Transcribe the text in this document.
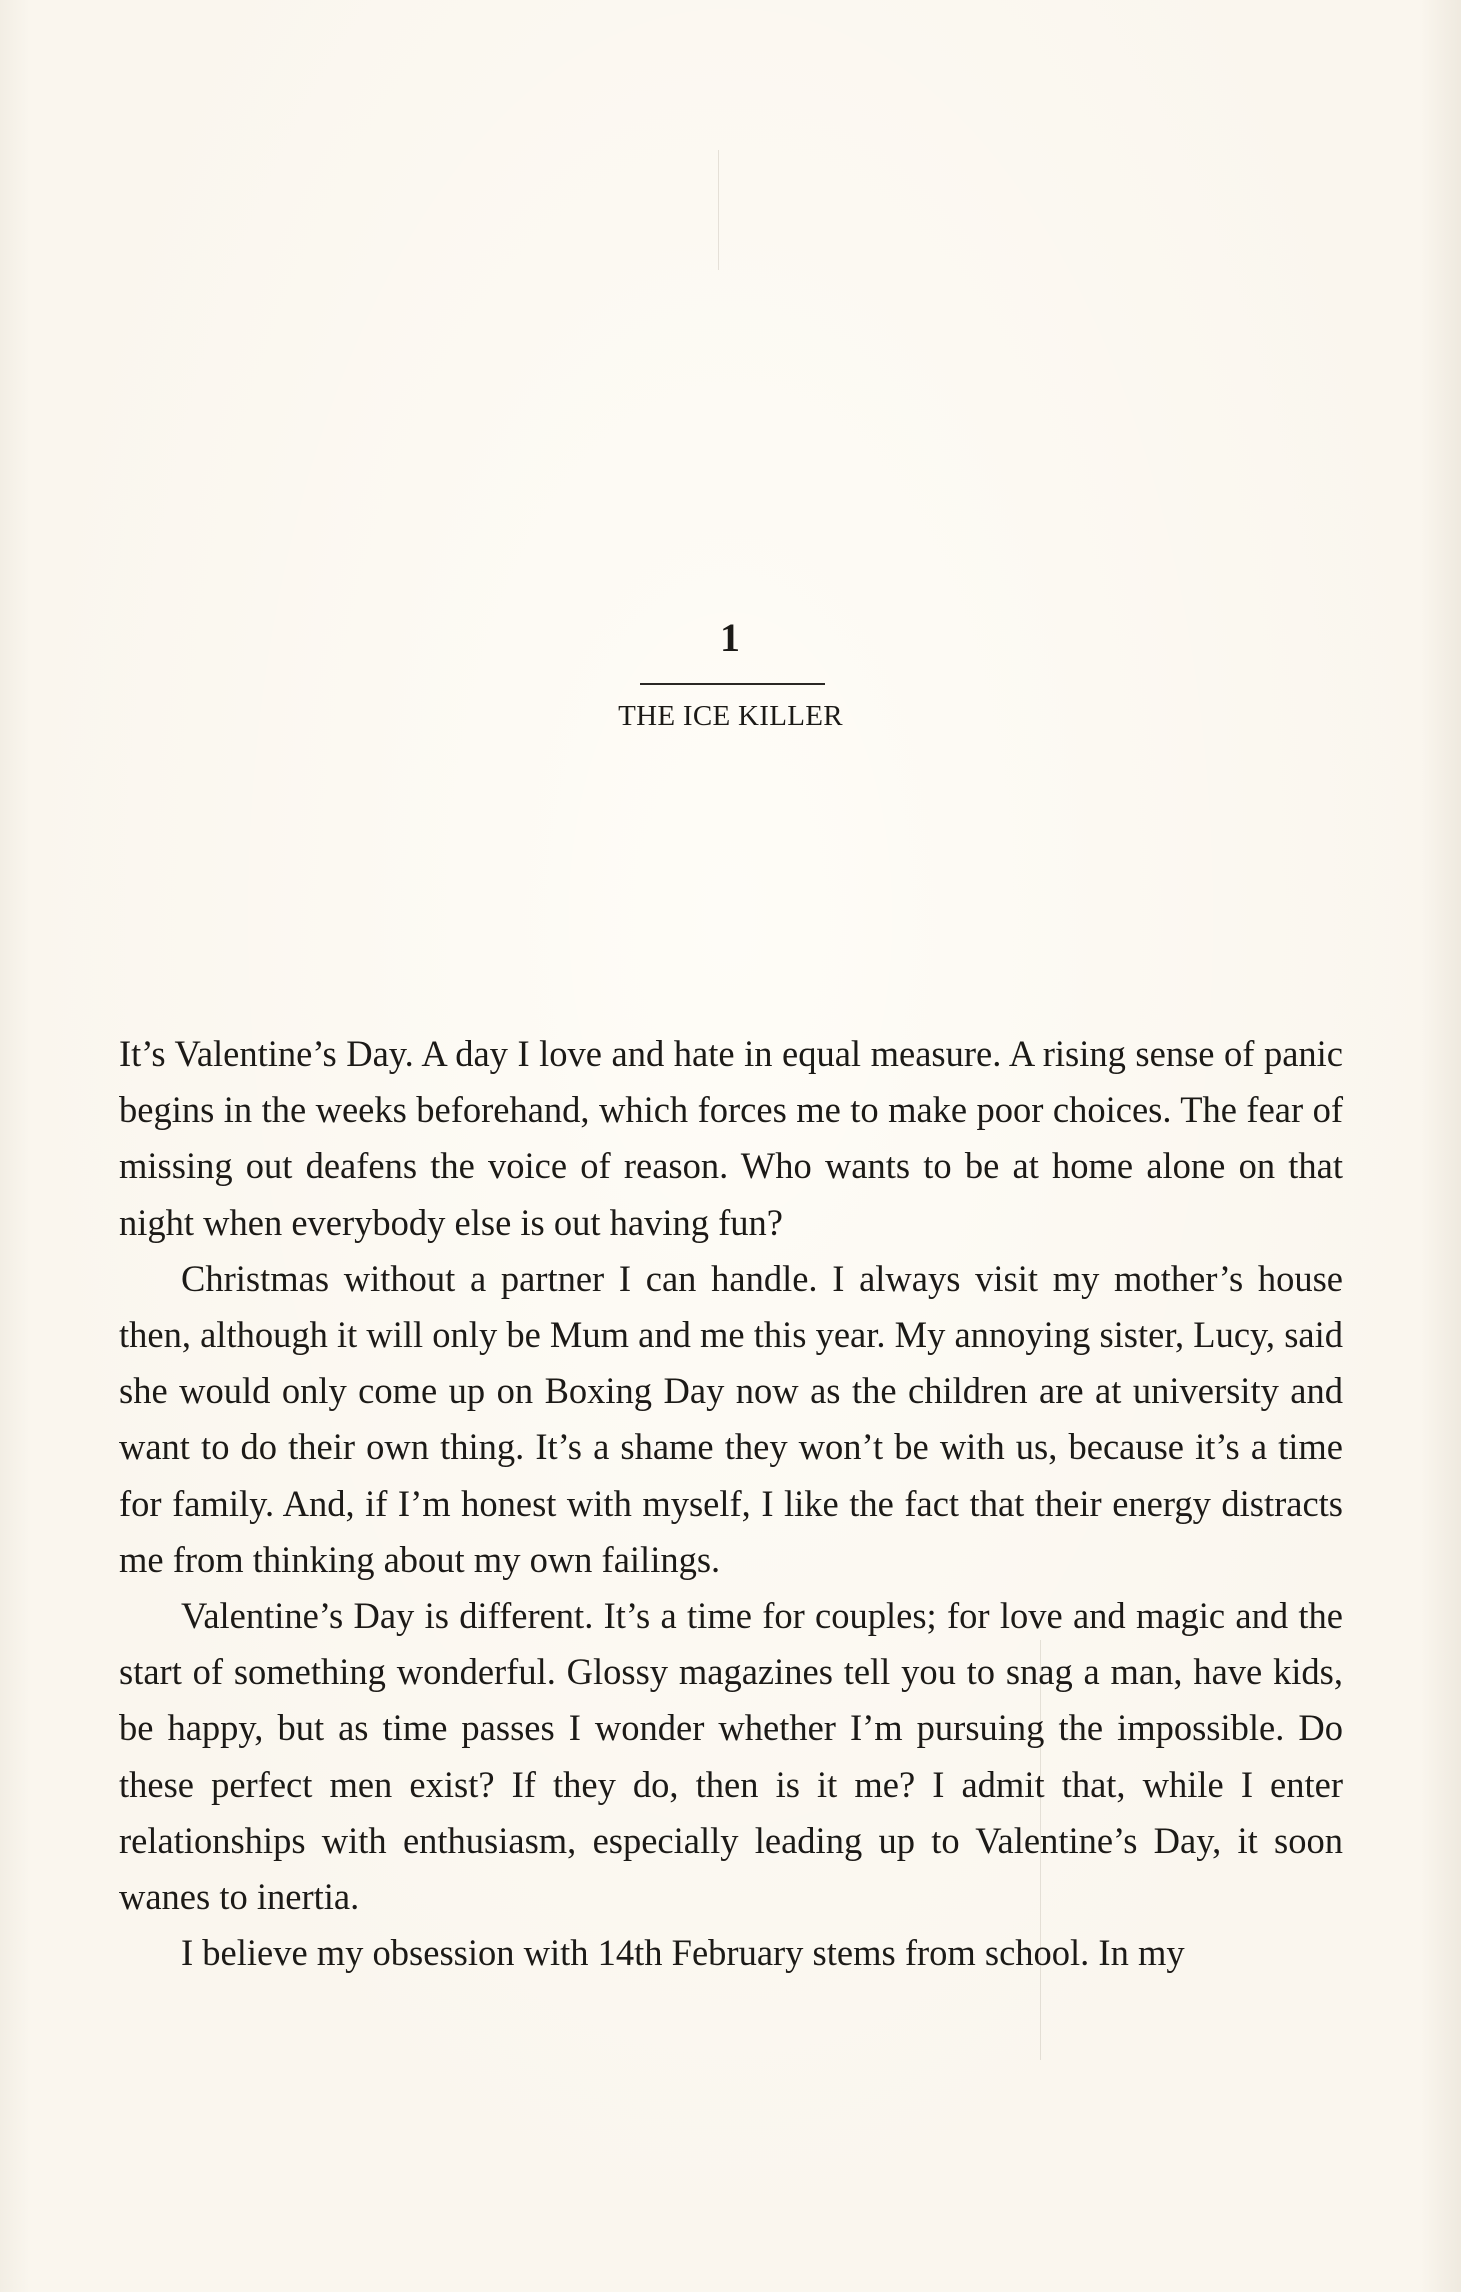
1
THE ICE KILLER

It’s Valentine’s Day. A day I love and hate in equal measure. A rising sense of panic begins in the weeks beforehand, which forces me to make poor choices. The fear of missing out deafens the voice of reason. Who wants to be at home alone on that night when everybody else is out having fun?

Christmas without a partner I can handle. I always visit my mother’s house then, although it will only be Mum and me this year. My annoying sister, Lucy, said she would only come up on Boxing Day now as the children are at university and want to do their own thing. It’s a shame they won’t be with us, because it’s a time for family. And, if I’m honest with myself, I like the fact that their energy distracts me from thinking about my own failings.

Valentine’s Day is different. It’s a time for couples; for love and magic and the start of something wonderful. Glossy magazines tell you to snag a man, have kids, be happy, but as time passes I wonder whether I’m pursuing the impossible. Do these perfect men exist? If they do, then is it me? I admit that, while I enter relationships with enthusiasm, especially leading up to Valentine’s Day, it soon wanes to inertia.

I believe my obsession with 14th February stems from school. In my
